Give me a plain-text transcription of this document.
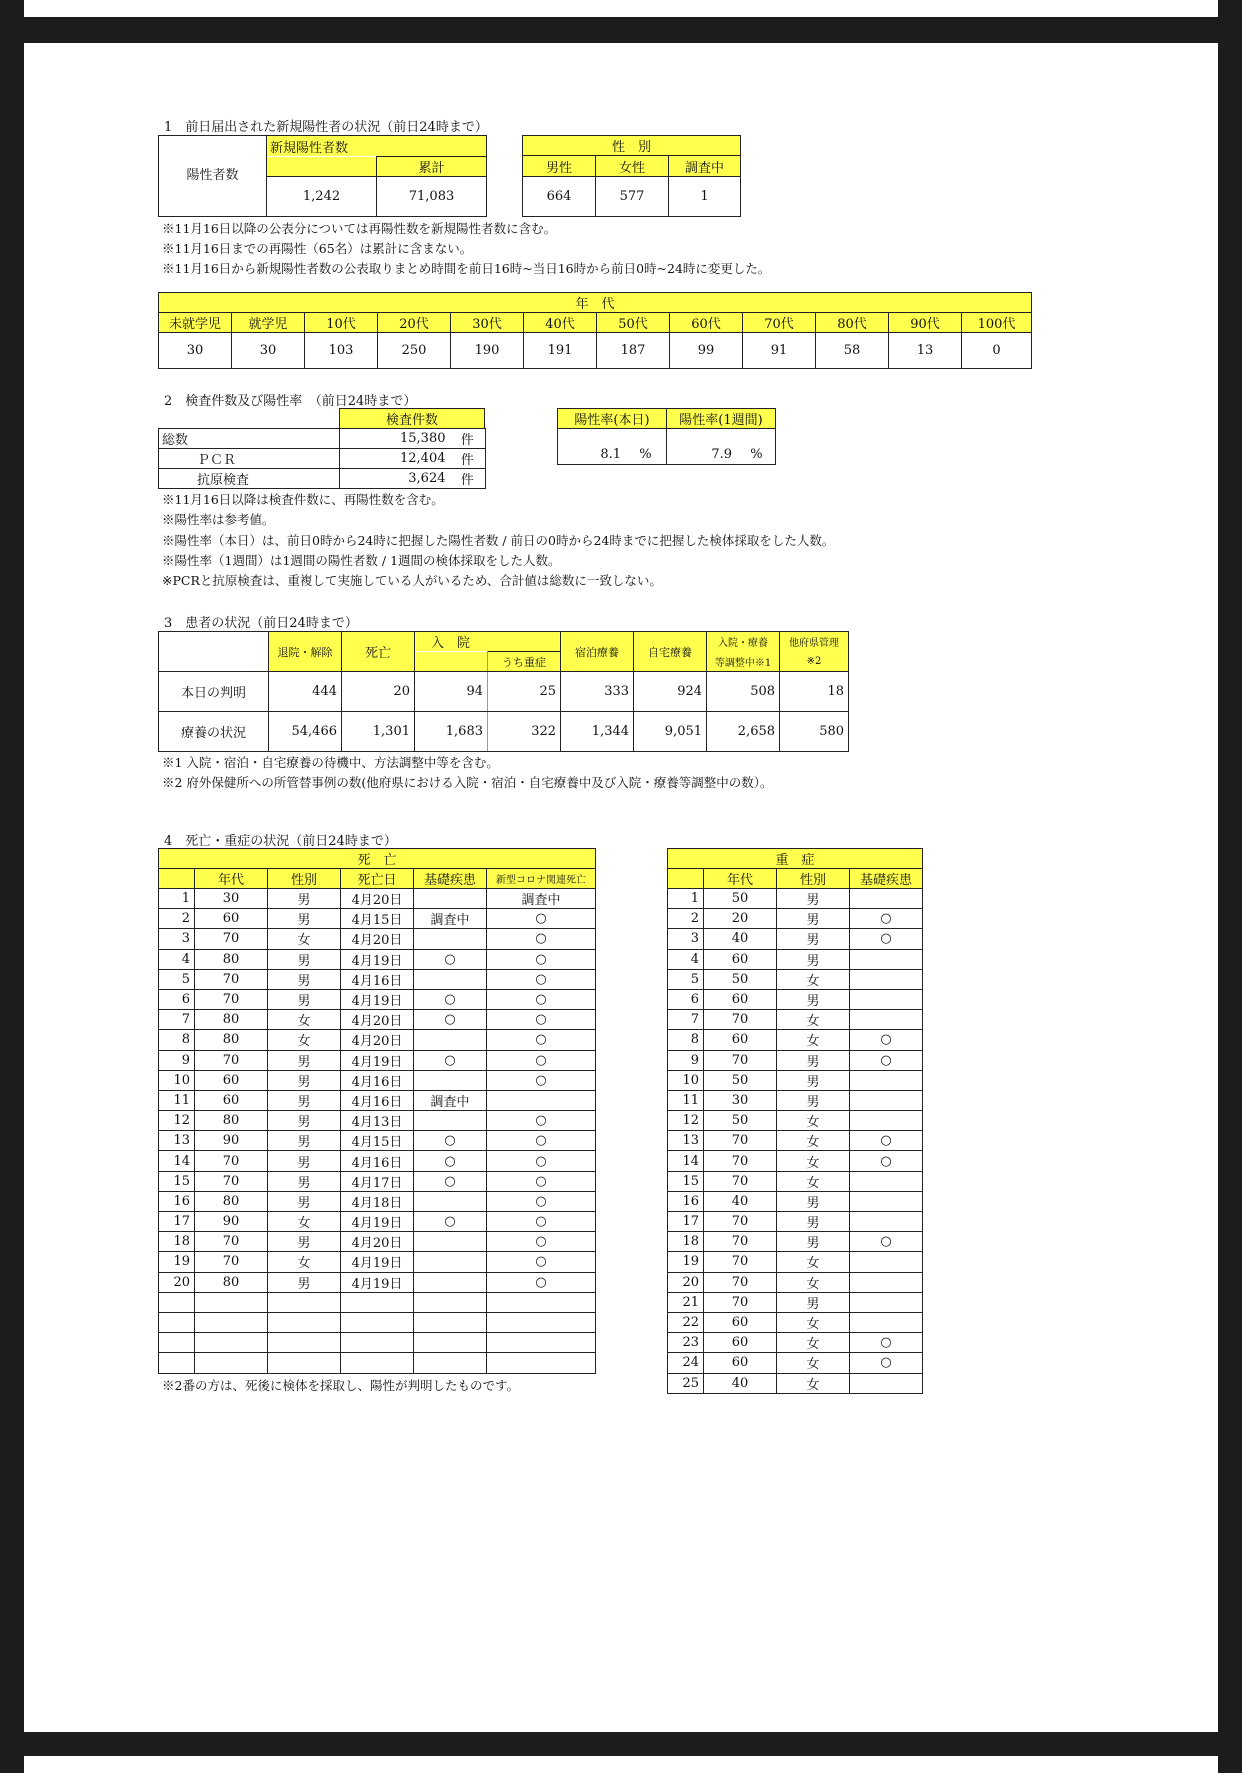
1　前日届出された新規陽性者の状況（前日24時まで）
陽性者数	新規陽性者数	
		累計
	1,242	71,083
性　別		
男性	女性	調査中
664	577	1
※11月16日以降の公表分については再陽性数を新規陽性者数に含む。
※11月16日までの再陽性（65名）は累計に含まない。
※11月16日から新規陽性者数の公表取りまとめ時間を前日16時~当日16時から前日0時~24時に変更した。
年　代											
未就学児	就学児	10代	20代	30代	40代	50代	60代	70代	80代	90代	100代
30	30	103	250	190	191	187	99	91	58	13	0
2　検査件数及び陽性率　（前日24時まで）
検査件数
総数	15,380	件
ＰＣＲ	12,404	件
抗原検査	3,624	件
陽性率(本日)	陽性率(1週間)
8.1 %	7.9 %
※11月16日以降は検査件数に、再陽性数を含む。
※陽性率は参考値。
※陽性率（本日）は、前日0時から24時に把握した陽性者数 / 前日の0時から24時までに把握した検体採取をした人数。
※陽性率（1週間）は1週間の陽性者数 / 1週間の検体採取をした人数。
※PCRと抗原検査は、重複して実施している人がいるため、合計値は総数に一致しない。
3　患者の状況（前日24時まで）
	退院・解除	死亡	入　院		宿泊療養	自宅療養	入院・療養	他府県管理
				うち重症			等調整中※1	※2
本日の判明	444	20	94	25	333	924	508	18
療養の状況	54,466	1,301	1,683	322	1,344	9,051	2,658	580
※1 入院・宿泊・自宅療養の待機中、方法調整中等を含む。
※2 府外保健所への所管替事例の数(他府県における入院・宿泊・自宅療養中及び入院・療養等調整中の数）。
4　死亡・重症の状況（前日24時まで）
死　亡					
	年代	性別	死亡日	基礎疾患	新型コロナ関連死亡
1	30	男	4月20日		調査中
2	60	男	4月15日	調査中	○
3	70	女	4月20日		○
4	80	男	4月19日	○	○
5	70	男	4月16日		○
6	70	男	4月19日	○	○
7	80	女	4月20日	○	○
8	80	女	4月20日		○
9	70	男	4月19日	○	○
10	60	男	4月16日		○
11	60	男	4月16日	調査中	
12	80	男	4月13日		○
13	90	男	4月15日	○	○
14	70	男	4月16日	○	○
15	70	男	4月17日	○	○
16	80	男	4月18日		○
17	90	女	4月19日	○	○
18	70	男	4月20日		○
19	70	女	4月19日		○
20	80	男	4月19日		○

※2番の方は、死後に検体を採取し、陽性が判明したものです。
重　症			
	年代	性別	基礎疾患
1	50	男	
2	20	男	○
3	40	男	○
4	60	男	
5	50	女	
6	60	男	
7	70	女	
8	60	女	○
9	70	男	○
10	50	男	
11	30	男	
12	50	女	
13	70	女	○
14	70	女	○
15	70	女	
16	40	男	
17	70	男	
18	70	男	○
19	70	女	
20	70	女	
21	70	男	
22	60	女	
23	60	女	○
24	60	女	○
25	40	女	
